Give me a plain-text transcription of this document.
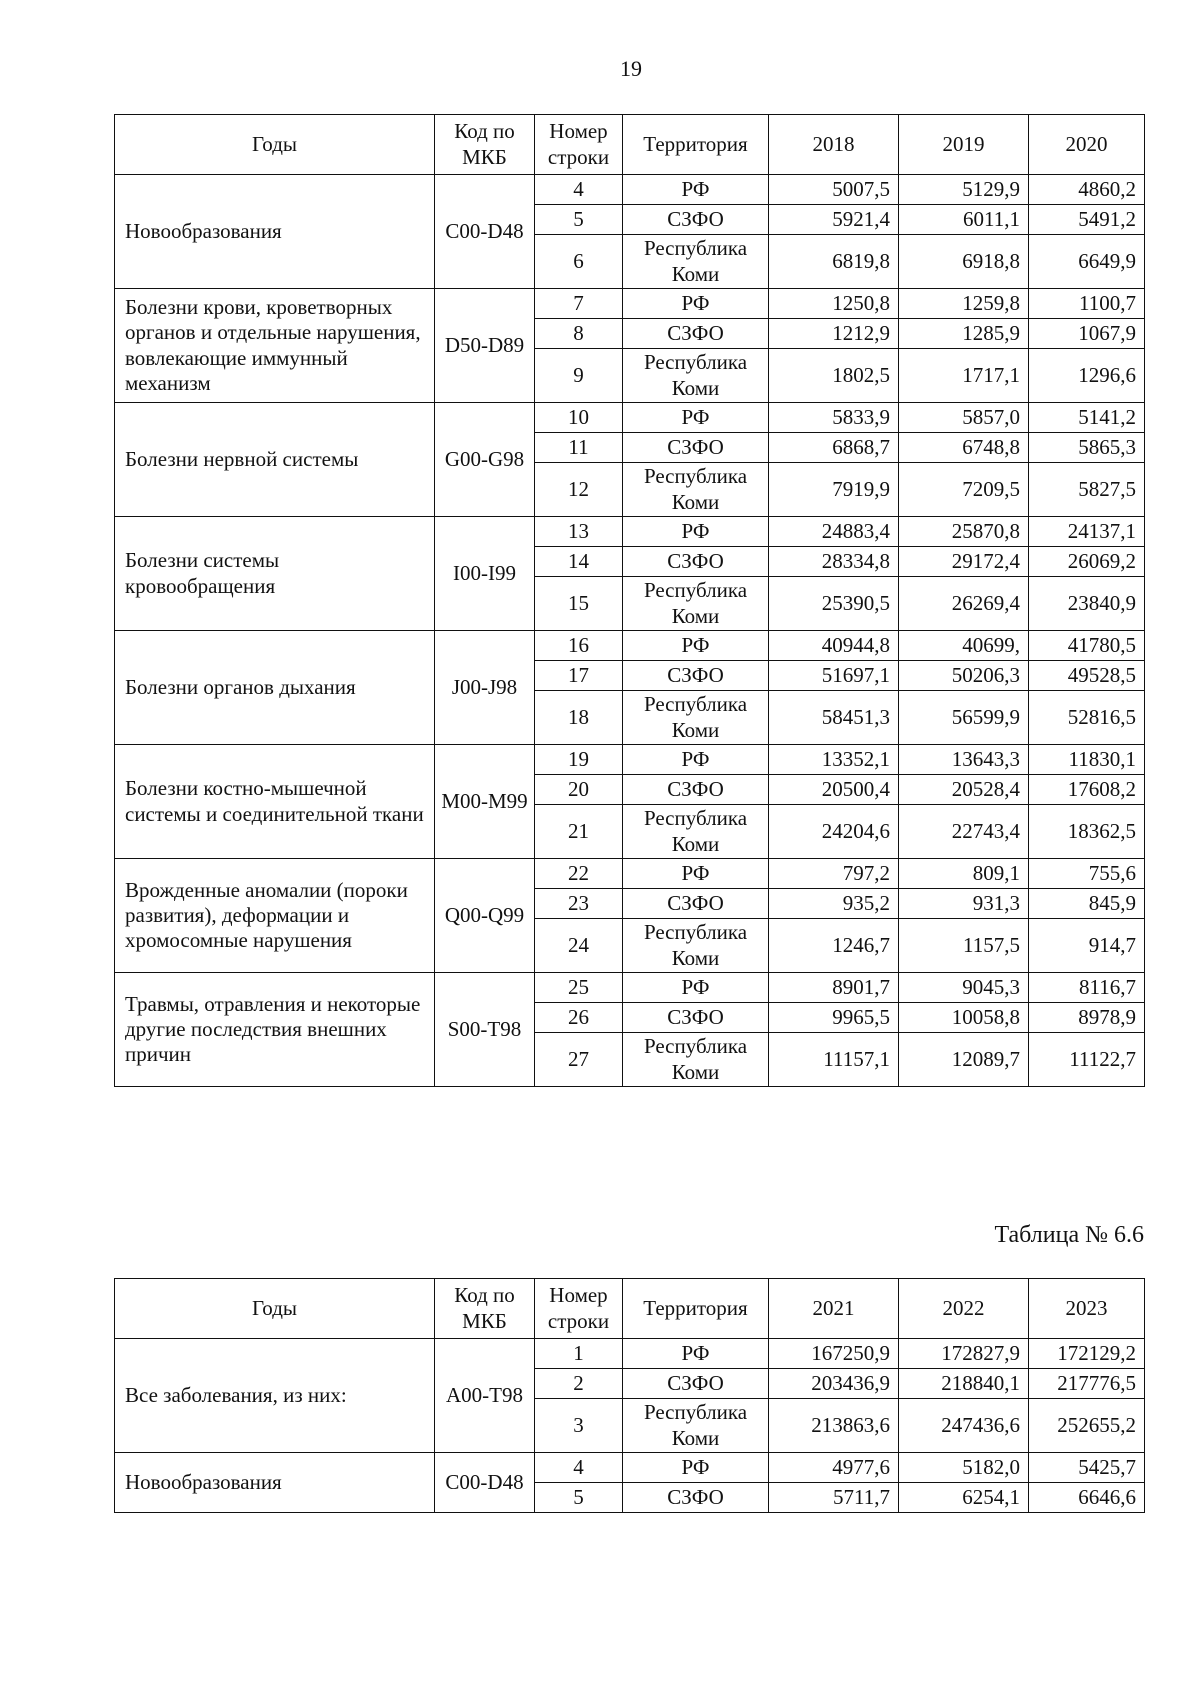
19
Годы	Код по МКБ	Номер строки	Территория	2018	2019	2020
Новообразования	C00-D48	4	РФ	5007,5	5129,9	4860,2
		5	СЗФО	5921,4	6011,1	5491,2
		6	Республика Коми	6819,8	6918,8	6649,9
Болезни крови, кроветворных органов и отдельные нарушения, вовлекающие иммунный механизм	D50-D89	7	РФ	1250,8	1259,8	1100,7
		8	СЗФО	1212,9	1285,9	1067,9
		9	Республика Коми	1802,5	1717,1	1296,6
Болезни нервной системы	G00-G98	10	РФ	5833,9	5857,0	5141,2
		11	СЗФО	6868,7	6748,8	5865,3
		12	Республика Коми	7919,9	7209,5	5827,5
Болезни системы кровообращения	I00-I99	13	РФ	24883,4	25870,8	24137,1
		14	СЗФО	28334,8	29172,4	26069,2
		15	Республика Коми	25390,5	26269,4	23840,9
Болезни органов дыхания	J00-J98	16	РФ	40944,8	40699,	41780,5
		17	СЗФО	51697,1	50206,3	49528,5
		18	Республика Коми	58451,3	56599,9	52816,5
Болезни костно-мышечной системы и соединительной ткани	M00-M99	19	РФ	13352,1	13643,3	11830,1
		20	СЗФО	20500,4	20528,4	17608,2
		21	Республика Коми	24204,6	22743,4	18362,5
Врожденные аномалии (пороки развития), деформации и хромосомные нарушения	Q00-Q99	22	РФ	797,2	809,1	755,6
		23	СЗФО	935,2	931,3	845,9
		24	Республика Коми	1246,7	1157,5	914,7
Травмы, отравления и некоторые другие последствия внешних причин	S00-T98	25	РФ	8901,7	9045,3	8116,7
		26	СЗФО	9965,5	10058,8	8978,9
		27	Республика Коми	11157,1	12089,7	11122,7
Таблица № 6.6
Годы	Код по МКБ	Номер строки	Территория	2021	2022	2023
Все заболевания, из них:	A00-T98	1	РФ	167250,9	172827,9	172129,2
		2	СЗФО	203436,9	218840,1	217776,5
		3	Республика Коми	213863,6	247436,6	252655,2
Новообразования	C00-D48	4	РФ	4977,6	5182,0	5425,7
		5	СЗФО	5711,7	6254,1	6646,6
